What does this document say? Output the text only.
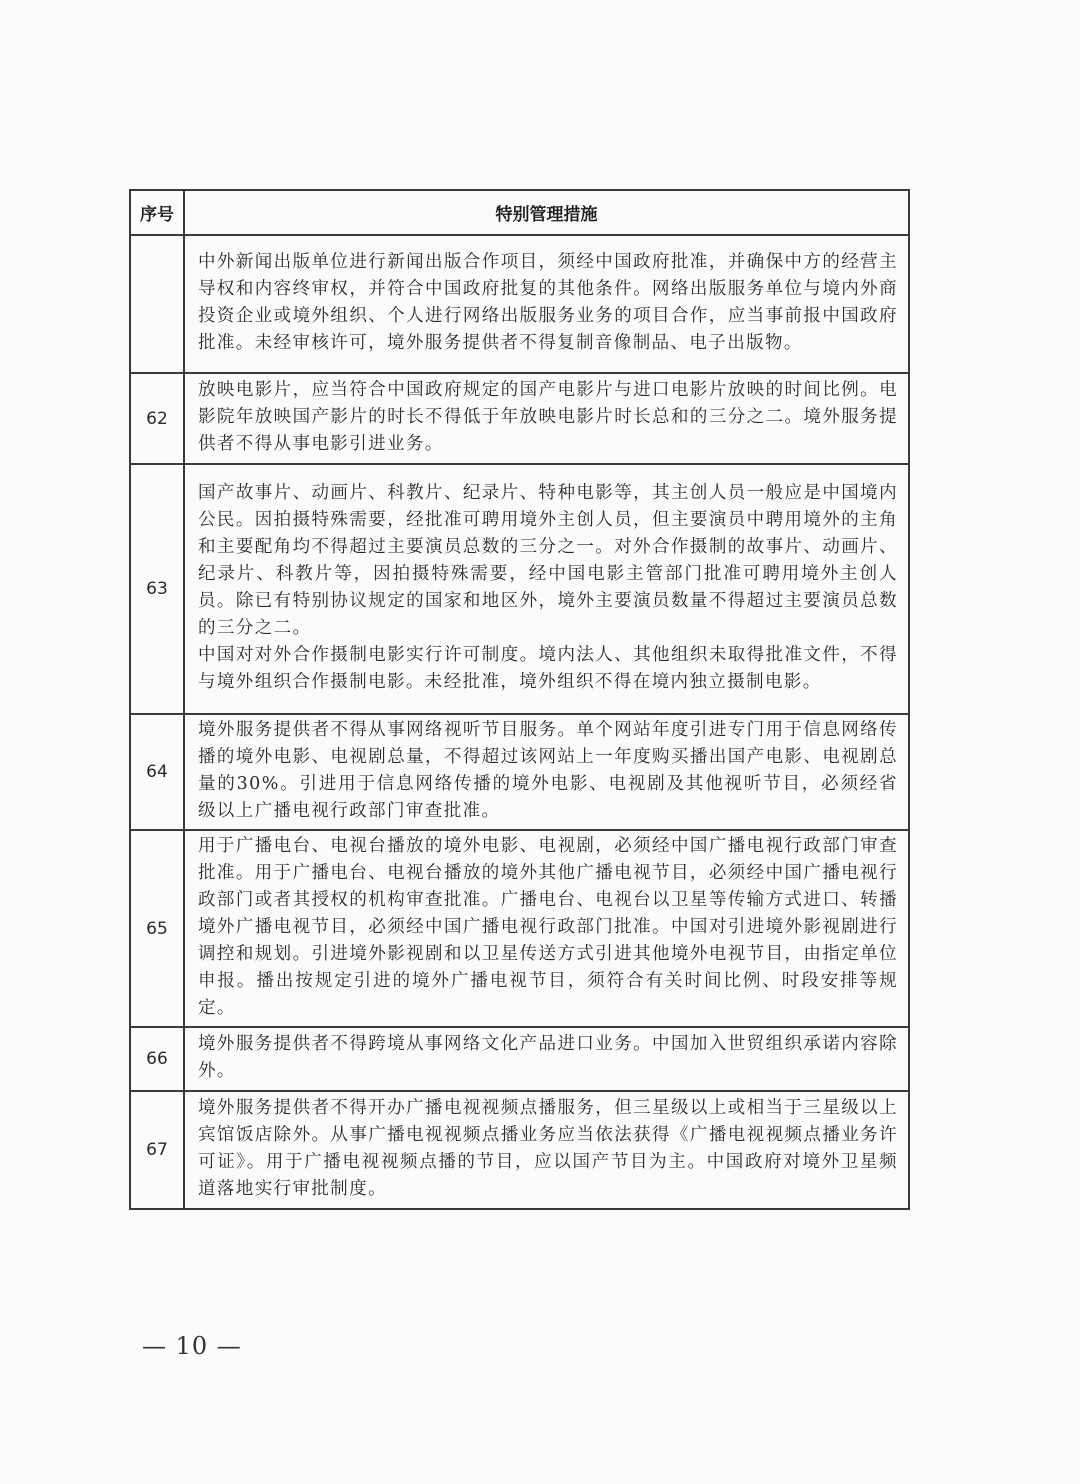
序号	特别管理措施

	中外新闻出版单位进行新闻出版合作项目，须经中国政府批准，并确保中方的经营主导权和内容终审权，并符合中国政府批复的其他条件。网络出版服务单位与境内外商投资企业或境外组织、个人进行网络出版服务业务的项目合作，应当事前报中国政府批准。未经审核许可，境外服务提供者不得复制音像制品、电子出版物。

62	放映电影片，应当符合中国政府规定的国产电影片与进口电影片放映的时间比例。电影院年放映国产影片的时长不得低于年放映电影片时长总和的三分之二。境外服务提供者不得从事电影引进业务。

63	国产故事片、动画片、科教片、纪录片、特种电影等，其主创人员一般应是中国境内公民。因拍摄特殊需要，经批准可聘用境外主创人员，但主要演员中聘用境外的主角和主要配角均不得超过主要演员总数的三分之一。对外合作摄制的故事片、动画片、纪录片、科教片等，因拍摄特殊需要，经中国电影主管部门批准可聘用境外主创人员。除已有特别协议规定的国家和地区外，境外主要演员数量不得超过主要演员总数的三分之二。

中国对对外合作摄制电影实行许可制度。境内法人、其他组织未取得批准文件，不得与境外组织合作摄制电影。未经批准，境外组织不得在境内独立摄制电影。

64	境外服务提供者不得从事网络视听节目服务。单个网站年度引进专门用于信息网络传播的境外电影、电视剧总量，不得超过该网站上一年度购买播出国产电影、电视剧总量的30%。引进用于信息网络传播的境外电影、电视剧及其他视听节目，必须经省级以上广播电视行政部门审查批准。

65	用于广播电台、电视台播放的境外电影、电视剧，必须经中国广播电视行政部门审查批准。用于广播电台、电视台播放的境外其他广播电视节目，必须经中国广播电视行政部门或者其授权的机构审查批准。广播电台、电视台以卫星等传输方式进口、转播境外广播电视节目，必须经中国广播电视行政部门批准。中国对引进境外影视剧进行调控和规划。引进境外影视剧和以卫星传送方式引进其他境外电视节目，由指定单位申报。播出按规定引进的境外广播电视节目，须符合有关时间比例、时段安排等规定。

66	境外服务提供者不得跨境从事网络文化产品进口业务。中国加入世贸组织承诺内容除外。

67	境外服务提供者不得开办广播电视视频点播服务，但三星级以上或相当于三星级以上宾馆饭店除外。从事广播电视视频点播业务应当依法获得《广播电视视频点播业务许可证》。用于广播电视视频点播的节目，应以国产节目为主。中国政府对境外卫星频道落地实行审批制度。

— 10 —
